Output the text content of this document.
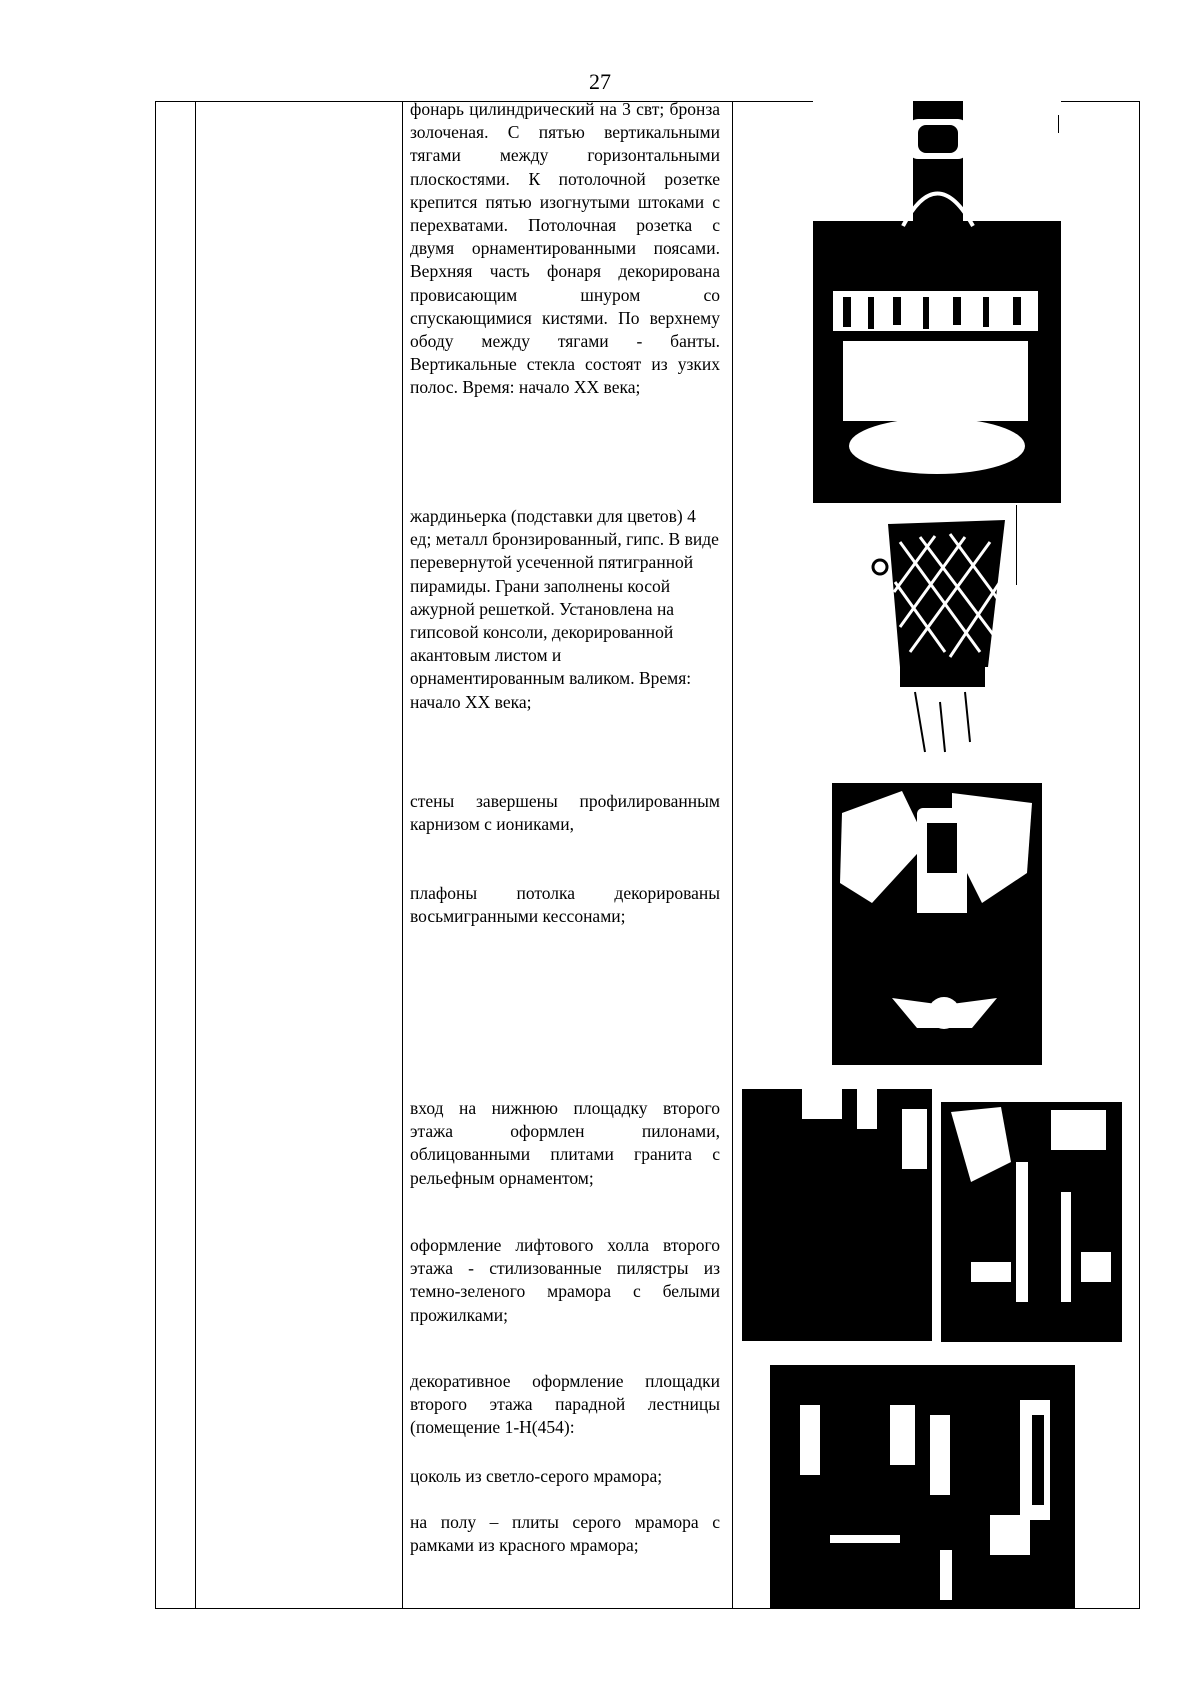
27

фонарь цилиндрический на 3 свт; бронза золоченая. С пятью вертикальными тягами между горизонтальными плоскостями. К потолочной розетке крепится пятью изогнутыми штоками с перехватами. Потолочная розетка с двумя орнаментированными поясами. Верхняя часть фонаря декорирована провисающим шнуром со спускающимися кистями. По верхнему ободу между тягами - банты. Вертикальные стекла состоят из узких полос. Время: начало XX века;

жардиньерка (подставки для цветов) 4 ед; металл бронзированный, гипс. В виде перевернутой усеченной пятигранной пирамиды. Грани заполнены косой ажурной решеткой. Установлена на гипсовой консоли, декорированной акантовым листом и орнаментированным валиком. Время: начало XX века;

стены завершены профилированным карнизом с иониками,

плафоны потолка декорированы восьмигранными кессонами;

вход на нижнюю площадку второго этажа оформлен пилонами, облицованными плитами гранита с рельефным орнаментом;

оформление лифтового холла второго этажа - стилизованные пилястры из темно-зеленого мрамора с белыми прожилками;

декоративное оформление площадки второго этажа парадной лестницы (помещение 1-Н(454):

цоколь из светло-серого мрамора;

на полу – плиты серого мрамора с рамками из красного мрамора;
